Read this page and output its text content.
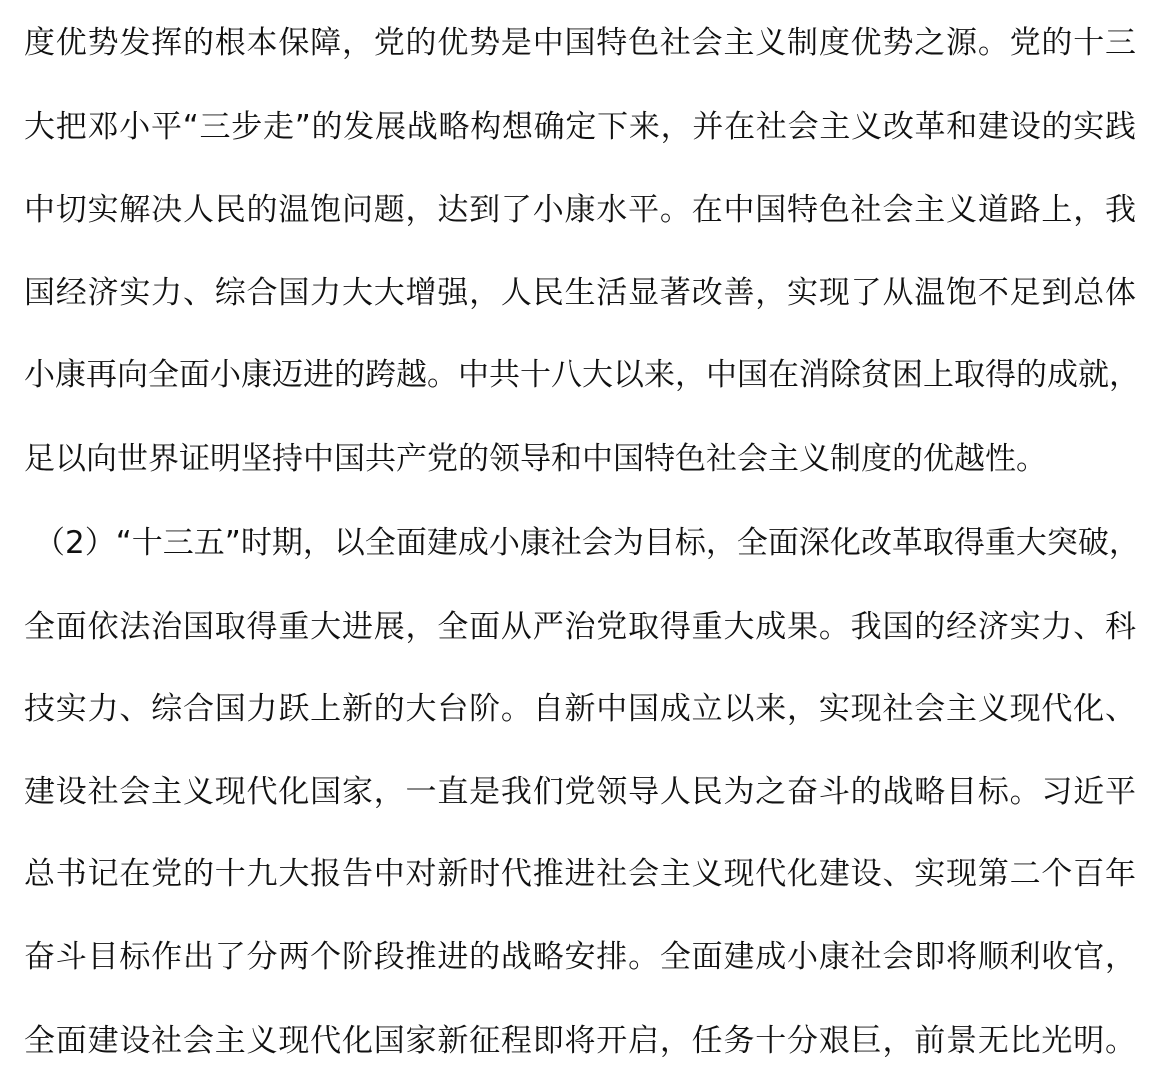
度优势发挥的根本保障，党的优势是中国特色社会主义制度优势之源。党的十三
大把邓小平“三步走”的发展战略构想确定下来，并在社会主义改革和建设的实践
中切实解决人民的温饱问题，达到了小康水平。在中国特色社会主义道路上，我
国经济实力、综合国力大大增强，人民生活显著改善，实现了从温饱不足到总体
小康再向全面小康迈进的跨越。中共十八大以来，中国在消除贫困上取得的成就，
足以向世界证明坚持中国共产党的领导和中国特色社会主义制度的优越性。
（2）“十三五”时期，以全面建成小康社会为目标，全面深化改革取得重大突破，
全面依法治国取得重大进展，全面从严治党取得重大成果。我国的经济实力、科
技实力、综合国力跃上新的大台阶。自新中国成立以来，实现社会主义现代化、
建设社会主义现代化国家，一直是我们党领导人民为之奋斗的战略目标。习近平
总书记在党的十九大报告中对新时代推进社会主义现代化建设、实现第二个百年
奋斗目标作出了分两个阶段推进的战略安排。全面建成小康社会即将顺利收官，
全面建设社会主义现代化国家新征程即将开启，任务十分艰巨，前景无比光明。
